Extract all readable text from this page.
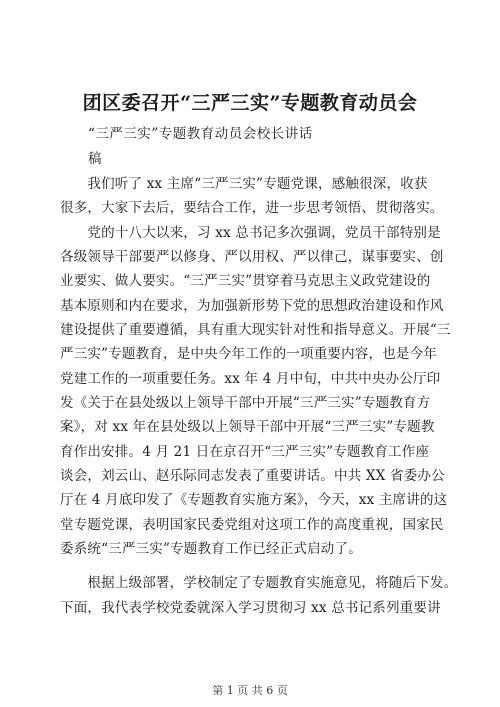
团区委召开“三严三实”专题教育动员会
“三严三实”专题教育动员会校长讲话
稿
　　我们听了 xx 主席“三严三实”专题党课，感触很深，收获
很多，大家下去后，要结合工作，进一步思考领悟、贯彻落实。
　　党的十八大以来，习 xx 总书记多次强调，党员干部特别是
各级领导干部要严以修身、严以用权、严以律己，谋事要实、创
业要实、做人要实。“三严三实”贯穿着马克思主义政党建设的
基本原则和内在要求，为加强新形势下党的思想政治建设和作风
建设提供了重要遵循，具有重大现实针对性和指导意义。开展“三
严三实”专题教育，是中央今年工作的一项重要内容，也是今年
党建工作的一项重要任务。xx 年 4 月中旬，中共中央办公厅印
发《关于在县处级以上领导干部中开展“三严三实”专题教育方
案》，对 xx 年在县处级以上领导干部中开展“三严三实”专题教
育作出安排。4 月 21 日在京召开“三严三实”专题教育工作座
谈会，刘云山、赵乐际同志发表了重要讲话。中共 XX 省委办公
厅在 4 月底印发了《专题教育实施方案》，今天，xx 主席讲的这
堂专题党课，表明国家民委党组对这项工作的高度重视，国家民
委系统“三严三实”专题教育工作已经正式启动了。
　　根据上级部署，学校制定了专题教育实施意见，将随后下发。
下面，我代表学校党委就深入学习贯彻习 xx 总书记系列重要讲
第 1 页 共 6 页
